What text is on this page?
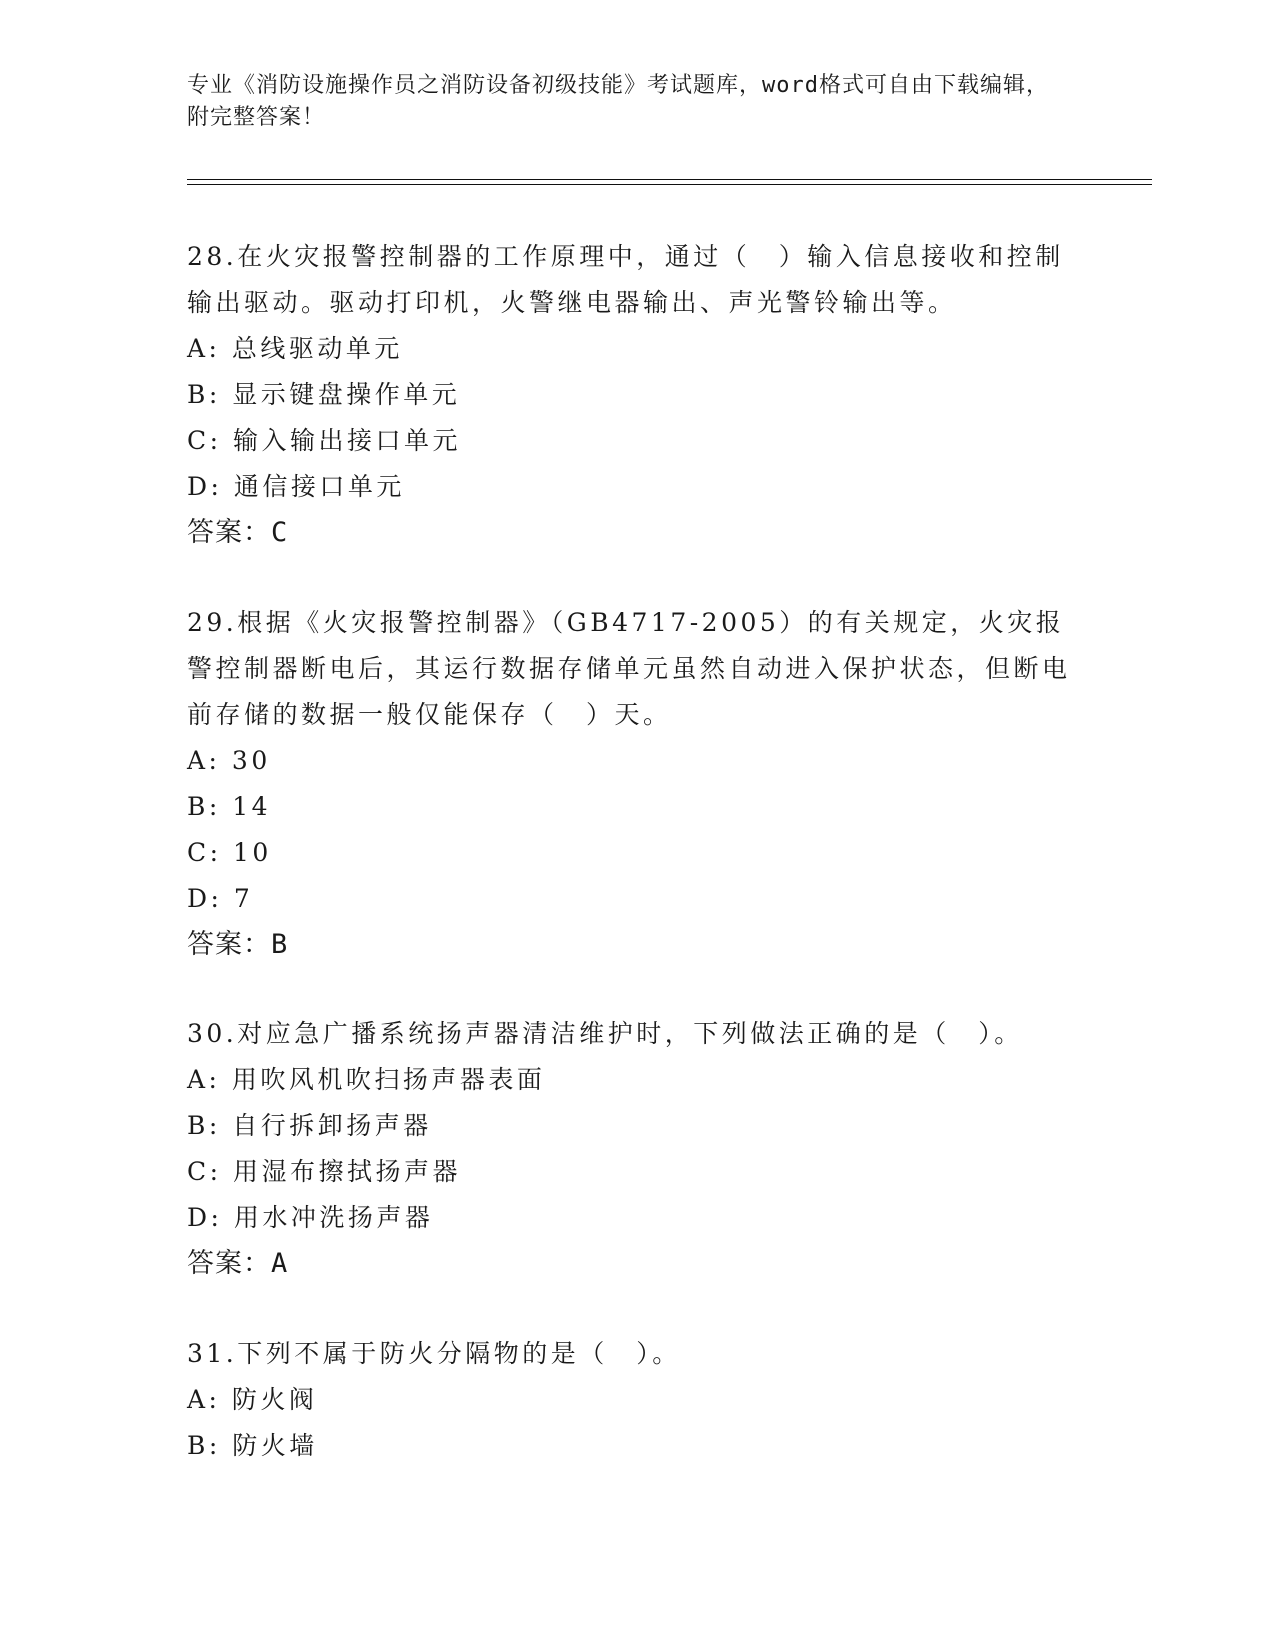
专业《消防设施操作员之消防设备初级技能》考试题库，word格式可自由下载编辑，附完整答案！

28.在火灾报警控制器的工作原理中，通过（　）输入信息接收和控制输出驱动。驱动打印机，火警继电器输出、声光警铃输出等。

A: 总线驱动单元

B: 显示键盘操作单元

C: 输入输出接口单元

D: 通信接口单元

答案：C

29.根据《火灾报警控制器》（GB4717-2005）的有关规定，火灾报警控制器断电后，其运行数据存储单元虽然自动进入保护状态，但断电前存储的数据一般仅能保存（　）天。

A: 30

B: 14

C: 10

D: 7

答案：B

30.对应急广播系统扬声器清洁维护时，下列做法正确的是（　）。

A: 用吹风机吹扫扬声器表面

B: 自行拆卸扬声器

C: 用湿布擦拭扬声器

D: 用水冲洗扬声器

答案：A

31.下列不属于防火分隔物的是（　）。

A: 防火阀

B: 防火墙
